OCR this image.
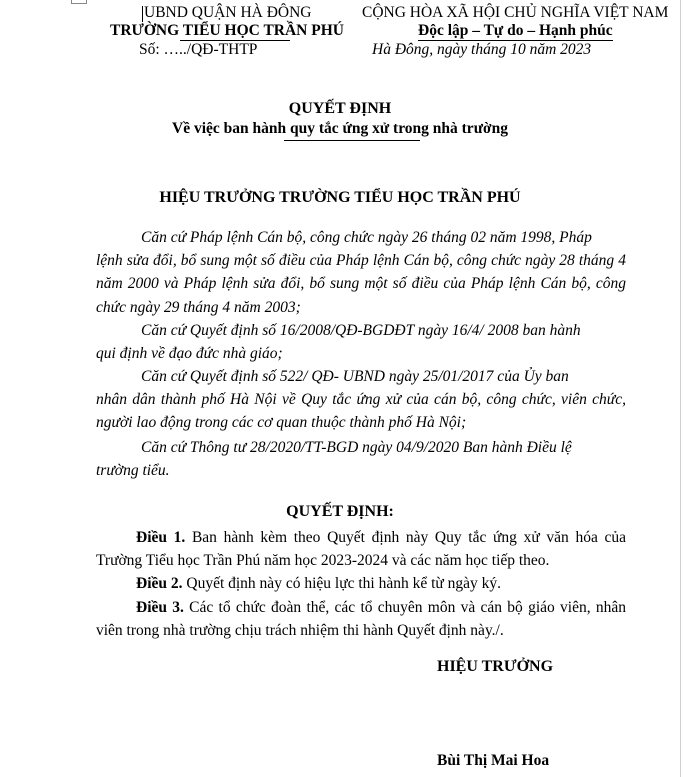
UBND QUẬN HÀ ĐÔNG
TRƯỜNG TIỂU HỌC TRẦN PHÚ
Số: …../QĐ-THTP
CỘNG HÒA XÃ HỘI CHỦ NGHĨA VIỆT NAM
Độc lập – Tự do – Hạnh phúc
Hà Đông, ngày tháng 10 năm 2023
QUYẾT ĐỊNH
Về việc ban hành quy tắc ứng xử trong nhà trường
HIỆU TRƯỞNG TRƯỜNG TIỂU HỌC TRẦN PHÚ
Căn cứ Pháp lệnh Cán bộ, công chức ngày 26 tháng 02 năm 1998, Pháp
lệnh sửa đổi, bổ sung một số điều của Pháp lệnh Cán bộ, công chức ngày 28 tháng 4 năm 2000 và Pháp lệnh sửa đổi, bổ sung một số điều của Pháp lệnh Cán bộ, công chức ngày 29 tháng 4 năm 2003;
Căn cứ Quyết định số 16/2008/QĐ-BGDĐT ngày 16/4/ 2008 ban hành
qui định về đạo đức nhà giáo;
Căn cứ Quyết định số 522/ QĐ- UBND ngày 25/01/2017 của Ủy ban
nhân dân thành phố Hà Nội về Quy tắc ứng xử của cán bộ, công chức, viên chức, người lao động trong các cơ quan thuộc thành phố Hà Nội;
Căn cứ Thông tư 28/2020/TT-BGD ngày 04/9/2020 Ban hành Điều lệ
trường tiểu.
QUYẾT ĐỊNH:

Điều 1. Ban hành kèm theo Quyết định này Quy tắc ứng xử văn hóa của Trường Tiểu học Trần Phú năm học 2023-2024 và các năm học tiếp theo.

Điều 2. Quyết định này có hiệu lực thi hành kể từ ngày ký.

Điều 3. Các tổ chức đoàn thể, các tổ chuyên môn và cán bộ giáo viên, nhân viên trong nhà trường chịu trách nhiệm thi hành Quyết định này./.

HIỆU TRƯỞNG
Bùi Thị Mai Hoa
